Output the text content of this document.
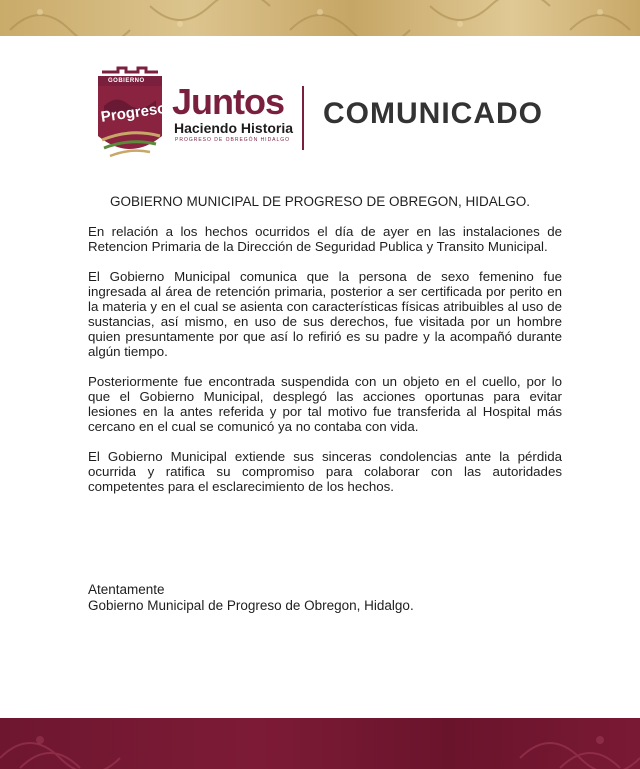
GOBIERNO
Progreso Juntos
Haciendo Historia
PROGRESO DE OBREGÓN HIDALGO
COMUNICADO
GOBIERNO MUNICIPAL DE PROGRESO DE OBREGON, HIDALGO.

En relación a los hechos ocurridos el día de ayer en las instalaciones de Retencion Primaria de la Dirección de Seguridad Publica y Transito Municipal.

El Gobierno Municipal comunica que la persona de sexo femenino fue ingresada al área de retención primaria, posterior a ser certificada por perito en la materia y en el cual se asienta con características físicas atribuibles al uso de sustancias, así mismo, en uso de sus derechos, fue visitada por un hombre quien presuntamente por que así lo refirió es su padre y la acompañó durante algún tiempo.

Posteriormente fue encontrada suspendida con un objeto en el cuello, por lo que el Gobierno Municipal, desplegó las acciones oportunas para evitar lesiones en la antes referida y por tal motivo fue transferida al Hospital más cercano en el cual se comunicó ya no contaba con vida.

El Gobierno Municipal extiende sus sinceras condolencias ante la pérdida ocurrida y ratifica su compromiso para colaborar con las autoridades competentes para el esclarecimiento de los hechos.

Atentamente
Gobierno Municipal de Progreso de Obregon, Hidalgo.
